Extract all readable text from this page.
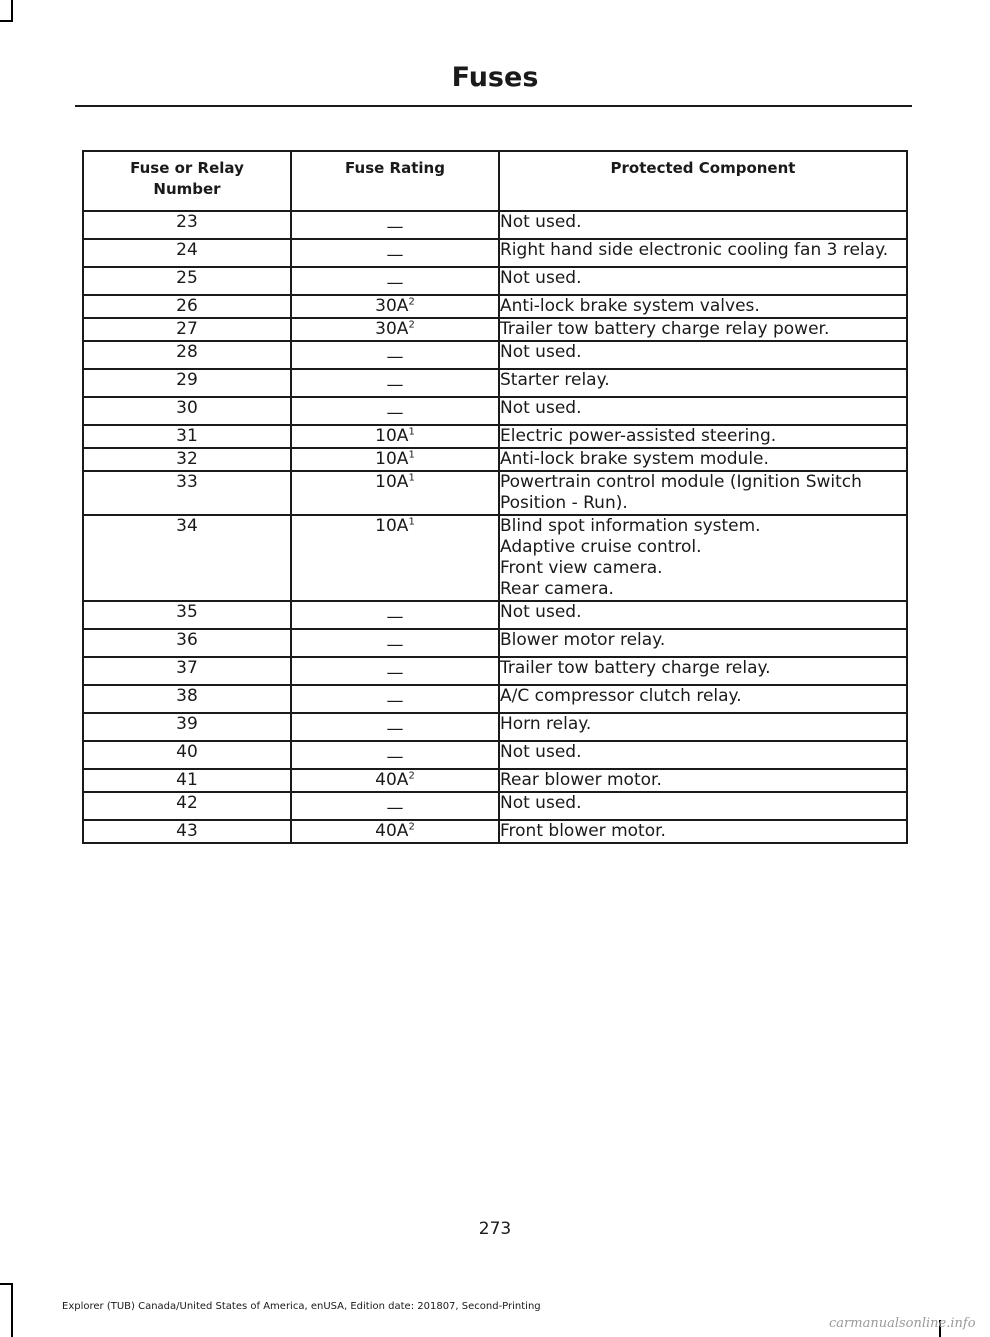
Fuses
Fuse or Relay Number	Fuse Rating	Protected Component
23	—	Not used.

24	—	Right hand side electronic cooling fan 3 relay.

25	—	Not used.

26	$30A^2$	Anti-lock brake system valves.

27	$30A^2$	Trailer tow battery charge relay power.

28	—	Not used.

29	—	Starter relay.

30	—	Not used.

31	$10A^1$	Electric power-assisted steering.

32	$10A^1$	Anti-lock brake system module.

33	$10A^1$	Powertrain control module (Ignition Switch Position - Run).

34	$10A^1$	Blind spot information system.
Adaptive cruise control.
Front view camera.
Rear camera.

35	—	Not used.

36	—	Blower motor relay.

37	—	Trailer tow battery charge relay.

38	—	A/C compressor clutch relay.

39	—	Horn relay.

40	—	Not used.

41	$40A^2$	Rear blower motor.

42	—	Not used.

43	$40A^2$	Front blower motor.
273
Explorer (TUB) Canada/United States of America, enUSA, Edition date: 201807, Second-Printing
carmanualsonline.info
